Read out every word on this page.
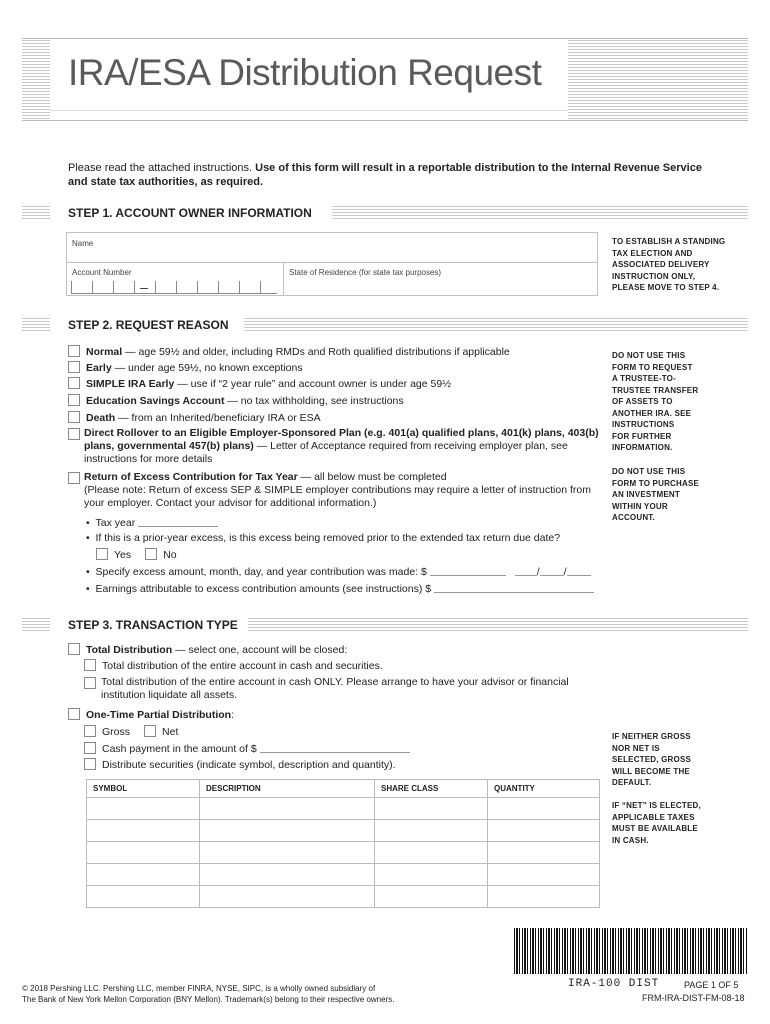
IRA/ESA Distribution Request
Please read the attached instructions. Use of this form will result in a reportable distribution to the Internal Revenue Service and state tax authorities, as required.
STEP 1. ACCOUNT OWNER INFORMATION
Name
Account Number	State of Residence (for state tax purposes)
TO ESTABLISH A STANDING
TAX ELECTION AND
ASSOCIATED DELIVERY
INSTRUCTION ONLY,
PLEASE MOVE TO STEP 4.
STEP 2. REQUEST REASON
Normal — age 59½ and older, including RMDs and Roth qualified distributions if applicable
Early — under age 59½, no known exceptions
SIMPLE IRA Early — use if “2 year rule” and account owner is under age 59½
Education Savings Account — no tax withholding, see instructions
Death — from an Inherited/beneficiary IRA or ESA
Direct Rollover to an Eligible Employer-Sponsored Plan (e.g. 401(a) qualified plans, 401(k) plans, 403(b) plans, governmental 457(b) plans) — Letter of Acceptance required from receiving employer plan, see instructions for more details
Return of Excess Contribution for Tax Year — all below must be completed
(Please note: Return of excess SEP & SIMPLE employer contributions may require a letter of instruction from your employer. Contact your advisor for additional information.)
•  Tax year
•  If this is a prior-year excess, is this excess being removed prior to the extended tax return due date?
Yes	No
•  Specify excess amount, month, day, and year contribution was made: $	/ /
•  Earnings attributable to excess contribution amounts (see instructions) $
DO NOT USE THIS
FORM TO REQUEST
A TRUSTEE-TO-
TRUSTEE TRANSFER
OF ASSETS TO
ANOTHER IRA. SEE
INSTRUCTIONS
FOR FURTHER
INFORMATION.
DO NOT USE THIS
FORM TO PURCHASE
AN INVESTMENT
WITHIN YOUR
ACCOUNT.
STEP 3. TRANSACTION TYPE
Total Distribution — select one, account will be closed:
Total distribution of the entire account in cash and securities.
Total distribution of the entire account in cash ONLY. Please arrange to have your advisor or financial institution liquidate all assets.
One-Time Partial Distribution:
Gross	Net
Cash payment in the amount of $
Distribute securities (indicate symbol, description and quantity).
SYMBOL	DESCRIPTION	SHARE CLASS	QUANTITY

IF NEITHER GROSS
NOR NET IS
SELECTED, GROSS
WILL BECOME THE
DEFAULT.
IF “NET” IS ELECTED,
APPLICABLE TAXES
MUST BE AVAILABLE
IN CASH.
IRA-100 DIST	PAGE 1 OF 5
FRM-IRA-DIST-FM-08-18
© 2018 Pershing LLC. Pershing LLC, member FINRA, NYSE, SIPC, is a wholly owned subsidiary of
The Bank of New York Mellon Corporation (BNY Mellon). Trademark(s) belong to their respective owners.
